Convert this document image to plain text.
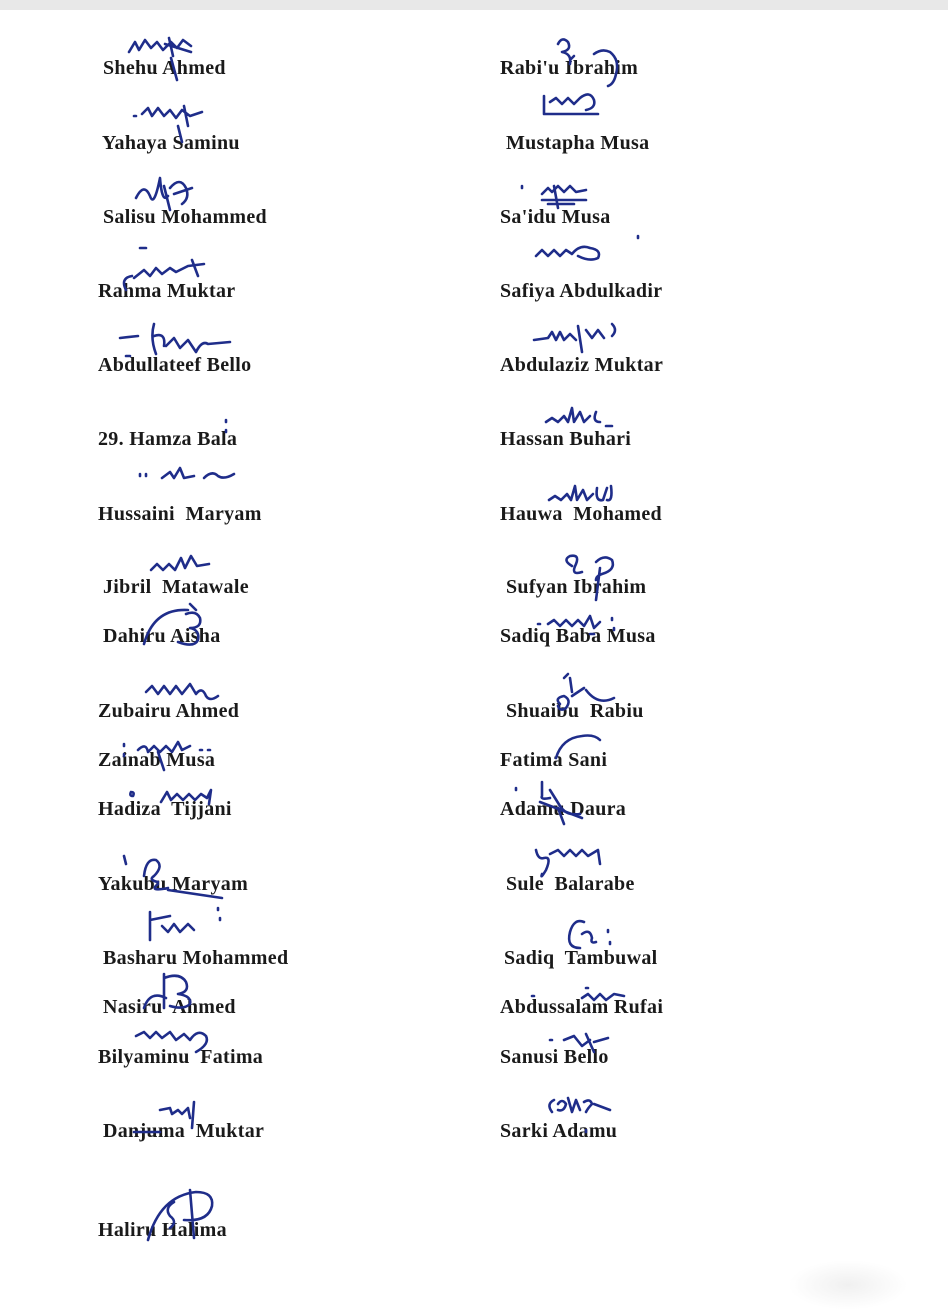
Shehu Ahmed
Yahaya Saminu
Salisu Mohammed
Rahma Muktar
Abdullateef Bello
29. Hamza Bala
Hussaini  Maryam
Jibril  Matawale
Dahiru Aisha
Zubairu Ahmed
Zainab Musa
Hadiza  Tijjani
Yakubu Maryam
Basharu Mohammed
Nasiru  Ahmed
Bilyaminu  Fatima
Danjuma  Muktar
Haliru Halima
Rabi'u Ibrahim
Mustapha Musa
Sa'idu Musa
Safiya Abdulkadir
Abdulaziz Muktar
Hassan Buhari
Hauwa  Mohamed
Sufyan Ibrahim
Sadiq Baba Musa
Shuaibu  Rabiu
Fatima Sani
Adamu Daura
Sule  Balarabe
Sadiq  Tambuwal
Abdussalam Rufai
Sanusi Bello
Sarki Adamu
